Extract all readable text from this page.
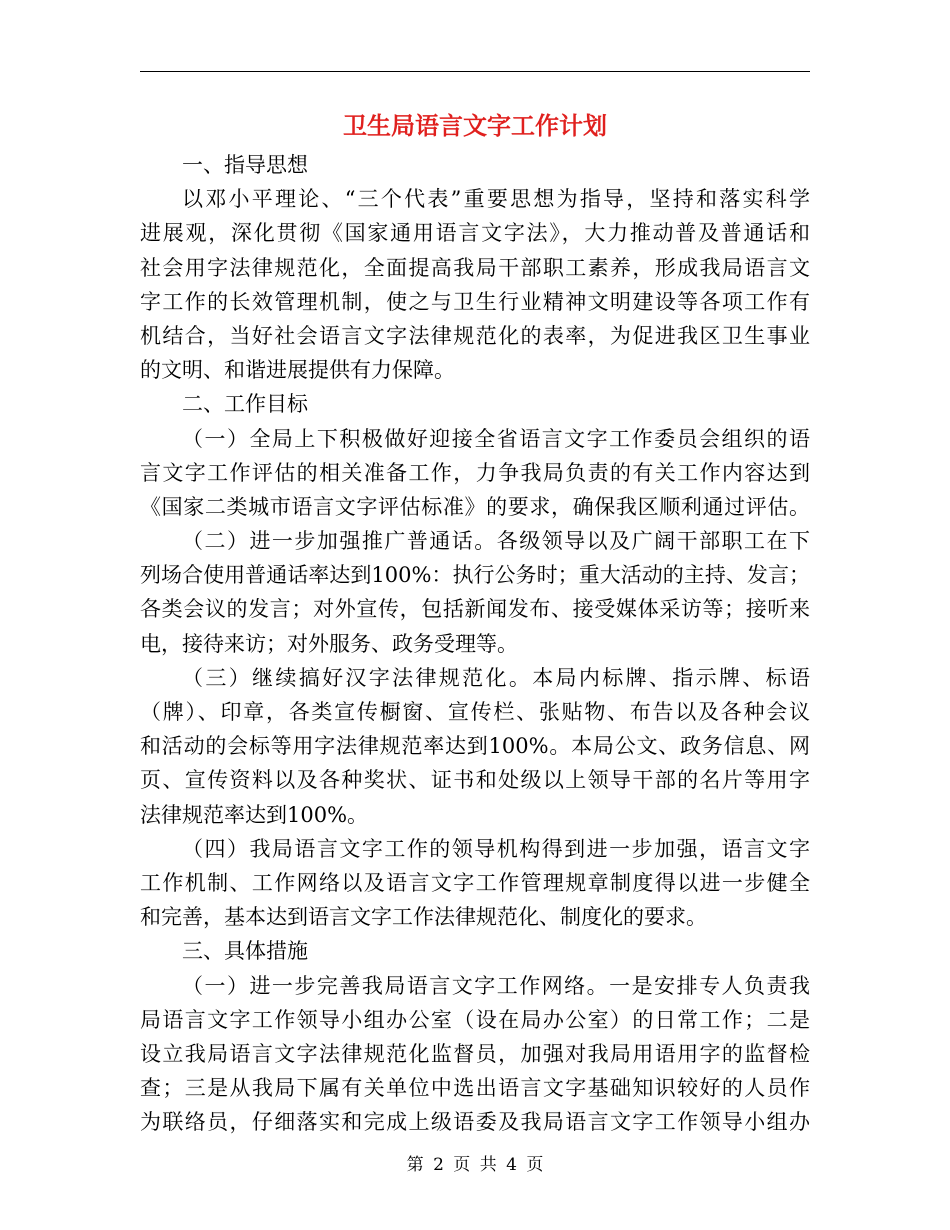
卫生局语言文字工作计划
一、指导思想
以邓小平理论、“三个代表”重要思想为指导，坚持和落实科学
进展观，深化贯彻《国家通用语言文字法》，大力推动普及普通话和
社会用字法律规范化，全面提高我局干部职工素养，形成我局语言文
字工作的长效管理机制，使之与卫生行业精神文明建设等各项工作有
机结合，当好社会语言文字法律规范化的表率，为促进我区卫生事业
的文明、和谐进展提供有力保障。
二、工作目标
（一）全局上下积极做好迎接全省语言文字工作委员会组织的语
言文字工作评估的相关准备工作，力争我局负责的有关工作内容达到
《国家二类城市语言文字评估标准》的要求，确保我区顺利通过评估。
（二）进一步加强推广普通话。各级领导以及广阔干部职工在下
列场合使用普通话率达到100%：执行公务时；重大活动的主持、发言；
各类会议的发言；对外宣传，包括新闻发布、接受媒体采访等；接听来
电，接待来访；对外服务、政务受理等。
（三）继续搞好汉字法律规范化。本局内标牌、指示牌、标语
（牌）、印章，各类宣传橱窗、宣传栏、张贴物、布告以及各种会议
和活动的会标等用字法律规范率达到100%。本局公文、政务信息、网
页、宣传资料以及各种奖状、证书和处级以上领导干部的名片等用字
法律规范率达到100%。
（四）我局语言文字工作的领导机构得到进一步加强，语言文字
工作机制、工作网络以及语言文字工作管理规章制度得以进一步健全
和完善，基本达到语言文字工作法律规范化、制度化的要求。
三、具体措施
（一）进一步完善我局语言文字工作网络。一是安排专人负责我
局语言文字工作领导小组办公室（设在局办公室）的日常工作；二是
设立我局语言文字法律规范化监督员，加强对我局用语用字的监督检
查；三是从我局下属有关单位中选出语言文字基础知识较好的人员作
为联络员，仔细落实和完成上级语委及我局语言文字工作领导小组办
第 2 页 共 4 页
